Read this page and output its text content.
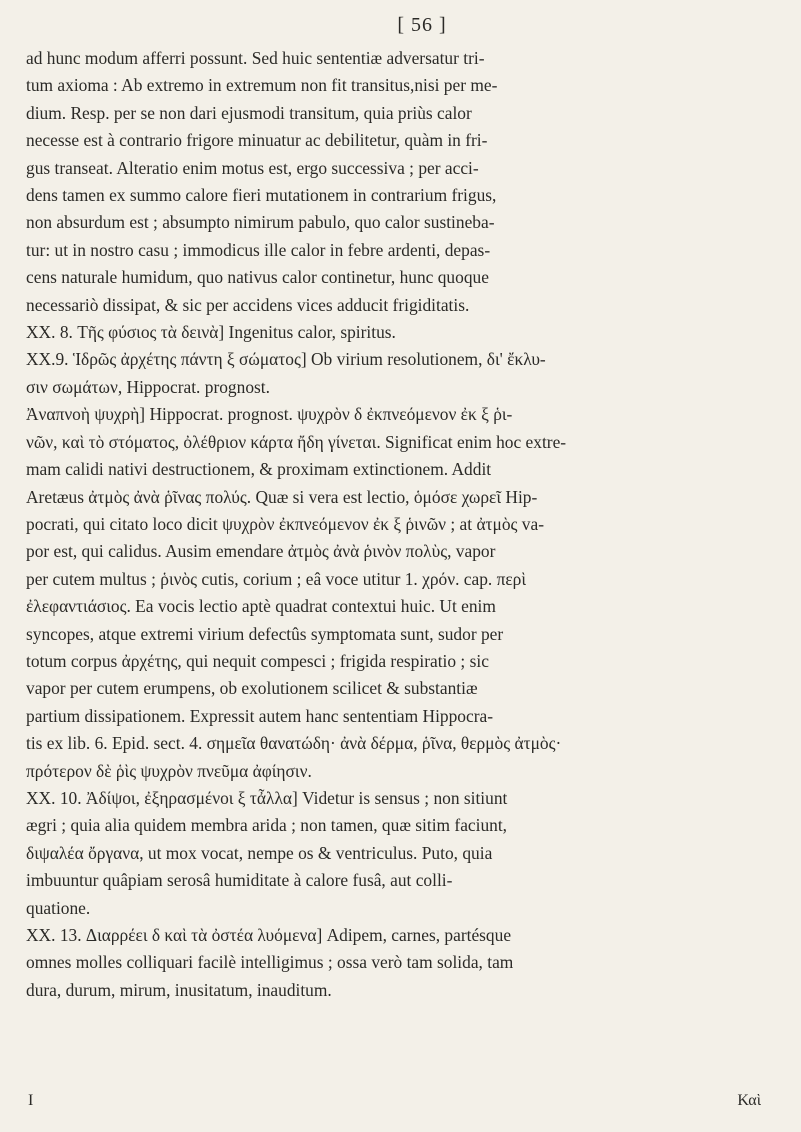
[ 56 ]

ad hunc modum afferri possunt. Sed huic sententiæ adversatur tri-

tum axioma : Ab extremo in extremum non fit transitus,nisi per me-

dium. Resp. per se non dari ejusmodi transitum, quia priùs calor

necesse est à contrario frigore minuatur ac debilitetur, quàm in fri-

gus transeat. Alteratio enim motus est, ergo successiva ; per acci-

dens tamen ex summo calore fieri mutationem in contrarium frigus,

non absurdum est ; absumpto nimirum pabulo, quo calor sustineba-

tur: ut in nostro casu ; immodicus ille calor in febre ardenti, depas-

cens naturale humidum, quo nativus calor continetur, hunc quoque

necessariò dissipat, & sic per accidens vices adducit frigiditatis.

XX. 8. Τῆς φύσιος τὰ δεινὰ] Ingenitus calor, spiritus.

XX.9. Ἱδρῶς ἀρχέτης πάντη ξ σώματος] Ob virium resolutionem, δι' ἔκλυ-

σιν σωμάτων, Hippocrat. prognost.

Ἀναπνοὴ ψυχρὴ] Hippocrat. prognost. ψυχρὸν δ ἐκπνεόμενον ἐκ ξ ῥι-

νῶν, καὶ τὸ στόματος, ὀλέθριον κάρτα ἤδη γίνεται. Significat enim hoc extre-

mam calidi nativi destructionem, & proximam extinctionem. Addit

Aretæus ἀτμὸς ἀνὰ ῥῖνας πολύς. Quæ si vera est lectio, ὁμόσε χωρεῖ Hip-

pocrati, qui citato loco dicit ψυχρὸν ἐκπνεόμενον ἐκ ξ ῥινῶν ; at ἀτμὸς va-

por est, qui calidus. Ausim emendare ἀτμὸς ἀνὰ ῥινὸν πολὺς, vapor

per cutem multus ; ῥινὸς cutis, corium ; eâ voce utitur 1. χρόν. cap. περὶ

ἐλεφαντιάσιος. Ea vocis lectio aptè quadrat contextui huic. Ut enim

syncopes, atque extremi virium defectûs symptomata sunt, sudor per

totum corpus ἀρχέτης, qui nequit compesci ; frigida respiratio ; sic

vapor per cutem erumpens, ob exolutionem scilicet & substantiæ

partium dissipationem. Expressit autem hanc sententiam Hippocra-

tis ex lib. 6. Epid. sect. 4. σημεῖα θανατώδη· ἀνὰ δέρμα, ῥῖνα, θερμὸς ἀτμὸς·

πρότερον δὲ ῥὶς ψυχρὸν πνεῦμα ἀφίησιν.

XX. 10. Ἀδίψοι, ἐξηρασμένοι ξ τἆλλα] Videtur is sensus ; non sitiunt

ægri ; quia alia quidem membra arida ; non tamen, quæ sitim faciunt,

διψαλέα ὄργανα, ut mox vocat, nempe os & ventriculus. Puto, quia

imbuuntur quâpiam serosâ humiditate à calore fusâ, aut colli-

quatione.

XX. 13. Διαρρέει δ καὶ τὰ ὀστέα λυόμενα] Adipem, carnes, partésque

omnes molles colliquari facilè intelligimus ; ossa verò tam solida, tam

dura, durum, mirum, inusitatum, inauditum.

I	Καὶ
